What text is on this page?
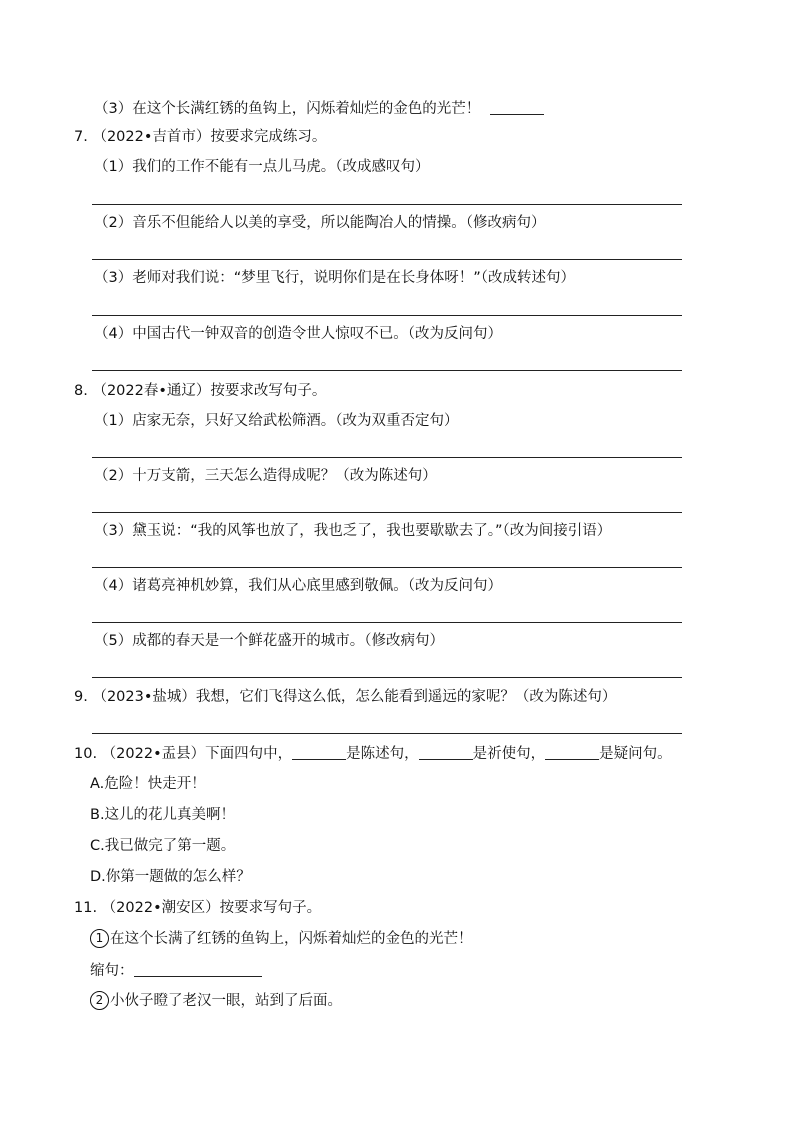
（3）在这个长满红锈的鱼钩上，闪烁着灿烂的金色的光芒！
7. （2022•吉首市）按要求完成练习。
（1）我们的工作不能有一点儿马虎。（改成感叹句）
（2）音乐不但能给人以美的享受，所以能陶冶人的情操。（修改病句）
（3）老师对我们说：“梦里飞行，说明你们是在长身体呀！”（改成转述句）
（4）中国古代一钟双音的创造令世人惊叹不已。（改为反问句）
8. （2022春•通辽）按要求改写句子。
（1）店家无奈，只好又给武松筛酒。（改为双重否定句）
（2）十万支箭，三天怎么造得成呢？（改为陈述句）
（3）黛玉说：“我的风筝也放了，我也乏了，我也要歇歇去了。”（改为间接引语）
（4）诸葛亮神机妙算，我们从心底里感到敬佩。（改为反问句）
（5）成都的春天是一个鲜花盛开的城市。（修改病句）
9. （2023•盐城）我想，它们飞得这么低，怎么能看到遥远的家呢？（改为陈述句）
10. （2022•盂县）下面四句中，	是陈述句，	是祈使句，	是疑问句。
A.危险！快走开！
B.这儿的花儿真美啊！
C.我已做完了第一题。
D.你第一题做的怎么样？
11. （2022•潮安区）按要求写句子。
1 在这个长满了红锈的鱼钩上，闪烁着灿烂的金色的光芒！
缩句：
2 小伙子瞪了老汉一眼，站到了后面。
